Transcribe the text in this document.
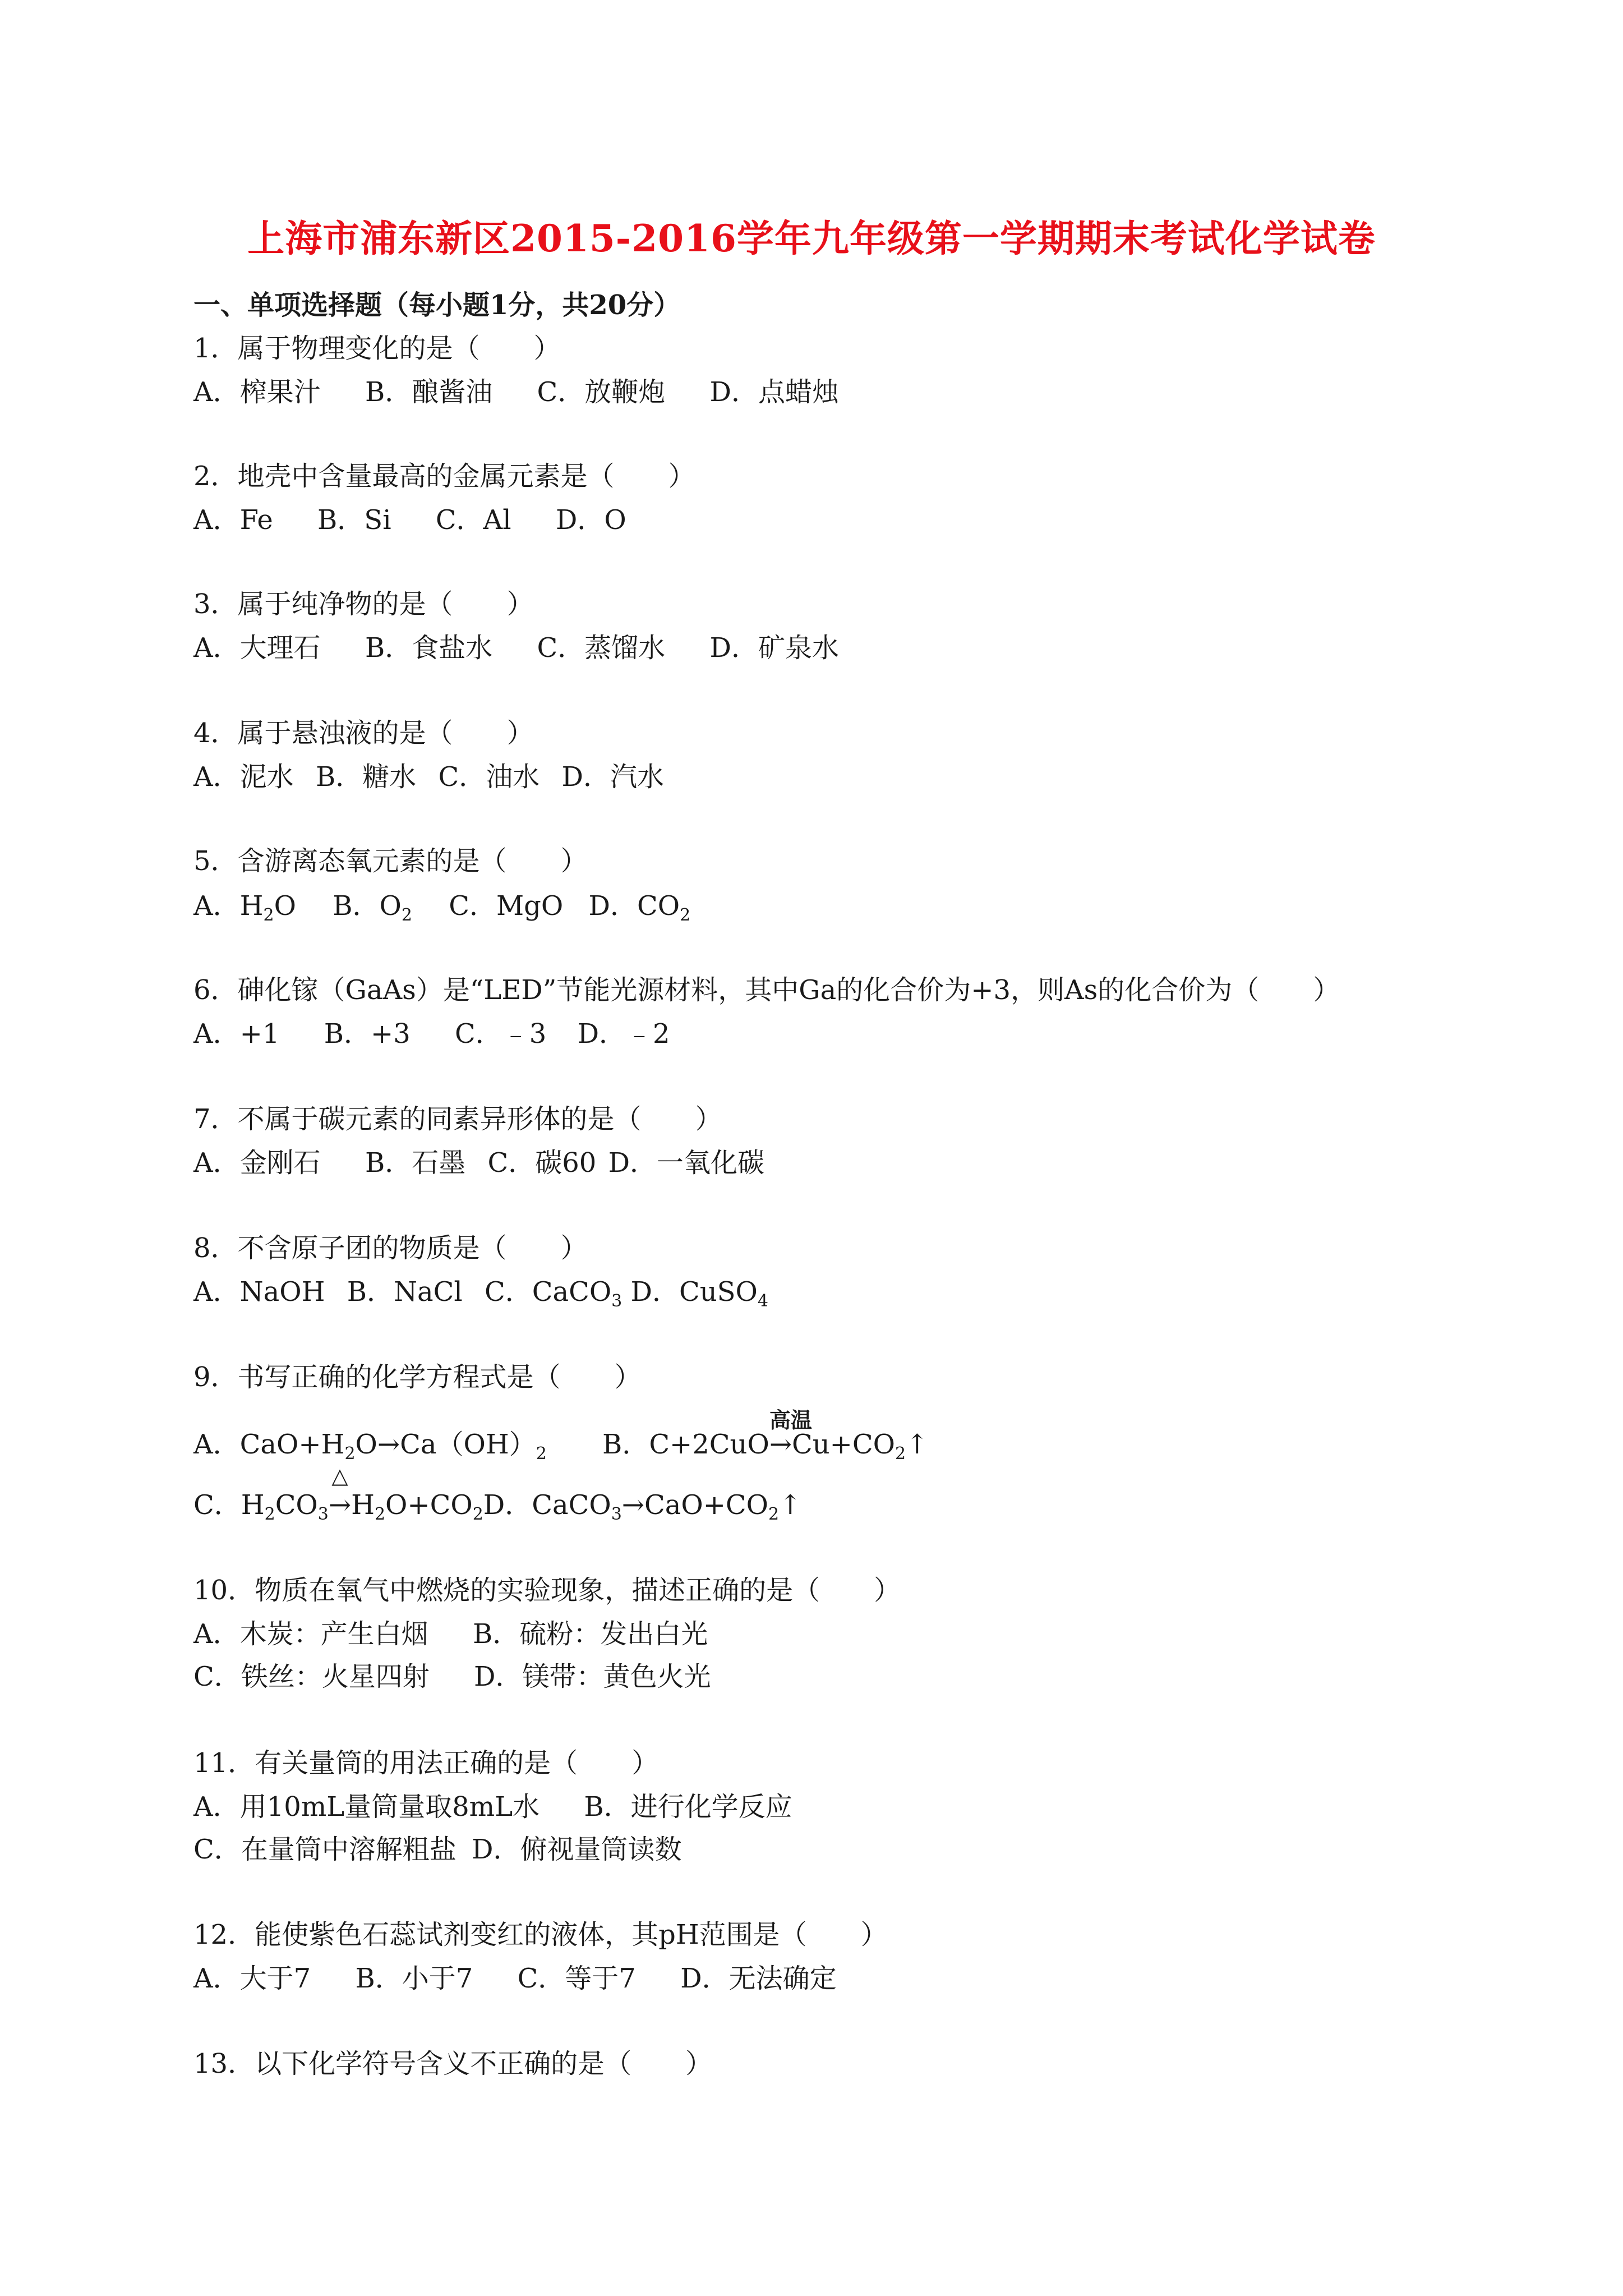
上海市浦东新区2015-2016学年九年级第一学期期末考试化学试卷
一、单项选择题（每小题1分，共20分）
1．属于物理变化的是（　　）
A．榨果汁 B．酿酱油 C．放鞭炮 D．点蜡烛
2．地壳中含量最高的金属元素是（　　）
A．Fe B．Si C．Al D．O
3．属于纯净物的是（　　）
A．大理石 B．食盐水 C．蒸馏水 D．矿泉水
4．属于悬浊液的是（　　）
A．泥水 B．糖水 C．油水 D．汽水
5．含游离态氧元素的是（　　）
A．$H_2O$ B．$O_2$ C．MgO D．$CO_2$
6．砷化镓（GaAs）是“LED”节能光源材料，其中Ga的化合价为+3，则As的化合价为（　　）
A．+1 B．+3 C．﹣3 D．﹣2
7．不属于碳元素的同素异形体的是（　　）
A．金刚石 B．石墨 C．碳60 D．一氧化碳
8．不含原子团的物质是（　　）
A．NaOH B．NaCl C．CaCO$_3$ D．CuSO$_4$
9．书写正确的化学方程式是（　　）
A．$CaO+H_2O\to Ca(OH)_2$ B．C+2CuO
高温
$\to Cu+CO_2↑$
C．$H_2CO_3$
△
$\to H_2O+CO_2D$．$CaCO_3\to CaO+CO_2↑$
10．物质在氧气中燃烧的实验现象，描述正确的是（　　）
A．木炭：产生白烟 B．硫粉：发出白光
C．铁丝：火星四射 D．镁带：黄色火光
11．有关量筒的用法正确的是（　　）
A．用10mL量筒量取8mL水 B．进行化学反应
C．在量筒中溶解粗盐 D．俯视量筒读数
12．能使紫色石蕊试剂变红的液体，其pH范围是（　　）
A．大于7 B．小于7 C．等于7 D．无法确定
13．以下化学符号含义不正确的是（　　）
